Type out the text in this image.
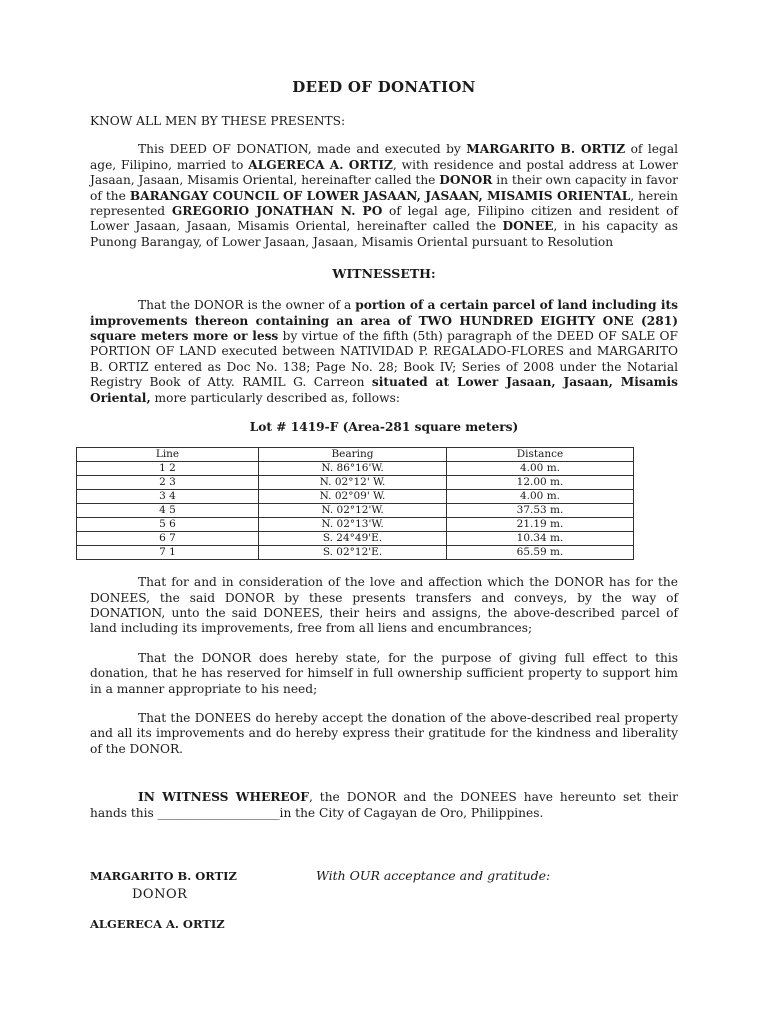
DEED OF DONATION

KNOW ALL MEN BY THESE PRESENTS:

This DEED OF DONATION, made and executed by MARGARITO B. ORTIZ of legal age, Filipino, married to ALGERECA A. ORTIZ, with residence and postal address at Lower Jasaan, Jasaan, Misamis Oriental, hereinafter called the DONOR in their own capacity in favor of the BARANGAY COUNCIL OF LOWER JASAAN, JASAAN, MISAMIS ORIENTAL, herein represented GREGORIO JONATHAN N. PO of legal age, Filipino citizen and resident of Lower Jasaan, Jasaan, Misamis Oriental, hereinafter called the DONEE, in his capacity as Punong Barangay, of Lower Jasaan, Jasaan, Misamis Oriental pursuant to Resolution

WITNESSETH:

That the DONOR is the owner of a portion of a certain parcel of land including its improvements thereon containing an area of TWO HUNDRED EIGHTY ONE (281) square meters more or less by virtue of the fifth (5th) paragraph of the DEED OF SALE OF PORTION OF LAND executed between NATIVIDAD P. REGALADO-FLORES and MARGARITO B. ORTIZ entered as Doc No. 138; Page No. 28; Book IV; Series of 2008 under the Notarial Registry Book of Atty. RAMIL G. Carreon situated at Lower Jasaan, Jasaan, Misamis Oriental, more particularly described as, follows:

Lot # 1419-F (Area-281 square meters)
Line	Bearing	Distance
1 2	N. 86°16'W.	4.00 m.
2 3	N. 02°12' W.	12.00 m.
3 4	N. 02°09' W.	4.00 m.
4 5	N. 02°12'W.	37.53 m.
5 6	N. 02°13'W.	21.19 m.
6 7	S. 24°49'E.	10.34 m.
7 1	S. 02°12'E.	65.59 m.

That for and in consideration of the love and affection which the DONOR has for the DONEES, the said DONOR by these presents transfers and conveys, by the way of DONATION, unto the said DONEES, their heirs and assigns, the above-described parcel of land including its improvements, free from all liens and encumbrances;

That the DONOR does hereby state, for the purpose of giving full effect to this donation, that he has reserved for himself in full ownership sufficient property to support him in a manner appropriate to his need;

That the DONEES do hereby accept the donation of the above-described real property and all its improvements and do hereby express their gratitude for the kindness and liberality of the DONOR.

IN WITNESS WHEREOF, the DONOR and the DONEES have hereunto set their hands this ____________________in the City of Cagayan de Oro, Philippines.

MARGARITO B. ORTIZ
DONOR
With OUR acceptance and gratitude:
ALGERECA A. ORTIZ
